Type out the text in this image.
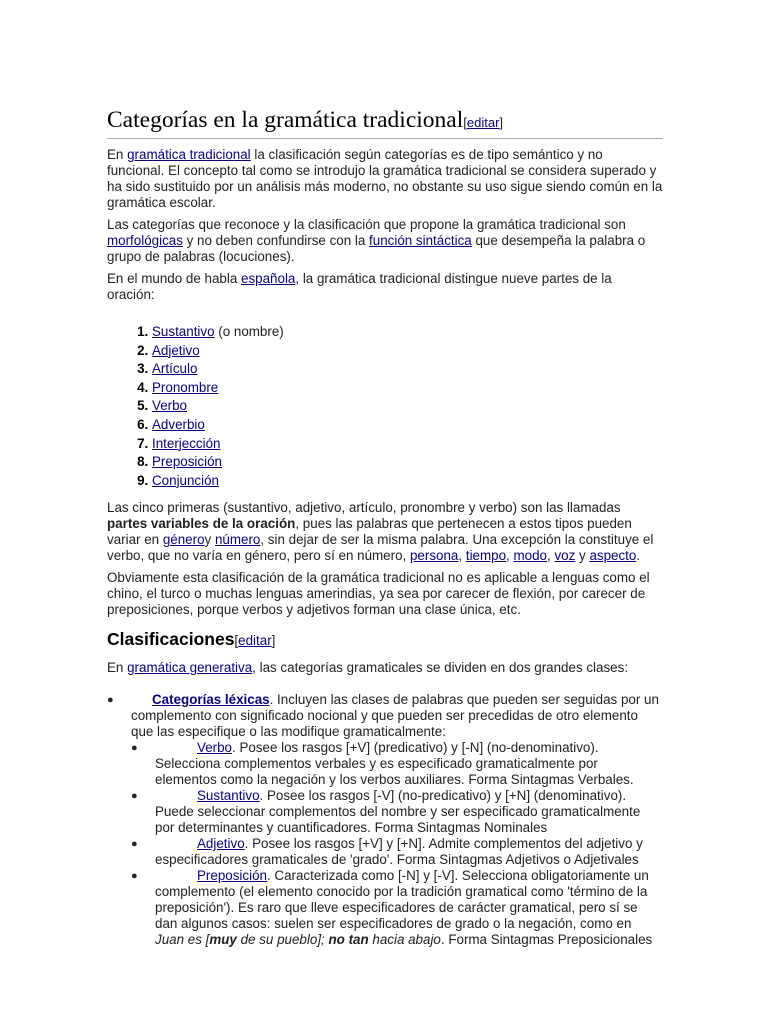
Categorías en la gramática tradicional[editar]

En gramática tradicional la clasificación según categorías es de tipo semántico y no funcional. El concepto tal como se introdujo la gramática tradicional se considera superado y ha sido sustituido por un análisis más moderno, no obstante su uso sigue siendo común en la gramática escolar.

Las categorías que reconoce y la clasificación que propone la gramática tradicional son morfológicas y no deben confundirse con la función sintáctica que desempeña la palabra o grupo de palabras (locuciones).

En el mundo de habla española, la gramática tradicional distingue nueve partes de la oración:

1. Sustantivo (o nombre)
2. Adjetivo
3. Artículo
4. Pronombre
5. Verbo
6. Adverbio
7. Interjección
8. Preposición
9. Conjunción

Las cinco primeras (sustantivo, adjetivo, artículo, pronombre y verbo) son las llamadas partes variables de la oración, pues las palabras que pertenecen a estos tipos pueden variar en géneroy número, sin dejar de ser la misma palabra. Una excepción la constituye el verbo, que no varía en género, pero sí en número, persona, tiempo, modo, voz y aspecto.

Obviamente esta clasificación de la gramática tradicional no es aplicable a lenguas como el chino, el turco o muchas lenguas amerindias, ya sea por carecer de flexión, por carecer de preposiciones, porque verbos y adjetivos forman una clase única, etc.

Clasificaciones[editar]

En gramática generativa, las categorías gramaticales se dividen en dos grandes clases:

●	Categorías léxicas. Incluyen las clases de palabras que pueden ser seguidas por un complemento con significado nocional y que pueden ser precedidas de otro elemento que las especifique o las modifique gramaticalmente:
●	Verbo. Posee los rasgos [+V] (predicativo) y [-N] (no-denominativo). Selecciona complementos verbales y es especificado gramaticalmente por elementos como la negación y los verbos auxiliares. Forma Sintagmas Verbales.
●	Sustantivo. Posee los rasgos [-V] (no-predicativo) y [+N] (denominativo). Puede seleccionar complementos del nombre y ser especificado gramaticalmente por determinantes y cuantificadores. Forma Sintagmas Nominales
●	Adjetivo. Posee los rasgos [+V] y [+N]. Admite complementos del adjetivo y especificadores gramaticales de 'grado'. Forma Sintagmas Adjetivos o Adjetivales
●	Preposición. Caracterizada como [-N] y [-V]. Selecciona obligatoriamente un complemento (el elemento conocido por la tradición gramatical como 'término de la preposición'). Es raro que lleve especificadores de carácter gramatical, pero sí se dan algunos casos: suelen ser especificadores de grado o la negación, como en Juan es [muy de su pueblo]; no tan hacia abajo. Forma Sintagmas Preposicionales
